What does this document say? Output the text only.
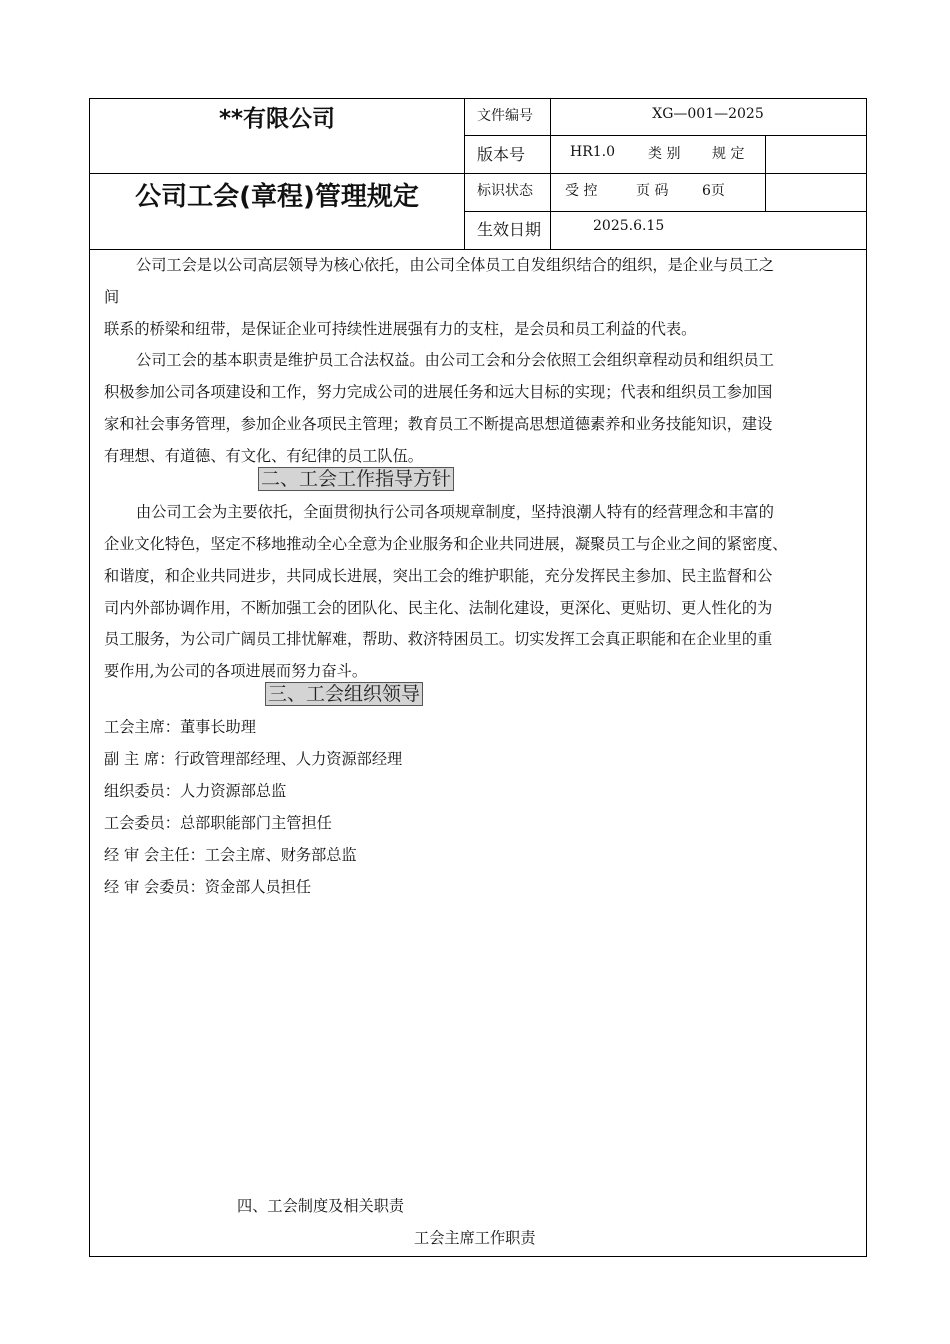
**有限公司
公司工会(章程)管理规定
文件编号	XG—001—2025
版本号	HR1.0 类 别 规 定
标识状态 受 控	页 码 6页
生效日期	2025.6.15
公司工会是以公司高层领导为核心依托，由公司全体员工自发组织结合的组织，是企业与员工之
间
联系的桥梁和纽带，是保证企业可持续性进展强有力的支柱，是会员和员工利益的代表。
公司工会的基本职责是维护员工合法权益。由公司工会和分会依照工会组织章程动员和组织员工
积极参加公司各项建设和工作，努力完成公司的进展任务和远大目标的实现；代表和组织员工参加国
家和社会事务管理，参加企业各项民主管理；教育员工不断提高思想道德素养和业务技能知识，建设
有理想、有道德、有文化、有纪律的员工队伍。
二、工会工作指导方针
由公司工会为主要依托，全面贯彻执行公司各项规章制度，坚持浪潮人特有的经营理念和丰富的
企业文化特色，坚定不移地推动全心全意为企业服务和企业共同进展，凝聚员工与企业之间的紧密度、
和谐度，和企业共同进步，共同成长进展，突出工会的维护职能，充分发挥民主参加、民主监督和公
司内外部协调作用，不断加强工会的团队化、民主化、法制化建设，更深化、更贴切、更人性化的为
员工服务，为公司广阔员工排忧解难，帮助、救济特困员工。切实发挥工会真正职能和在企业里的重
要作用,为公司的各项进展而努力奋斗。
三、工会组织领导
工会主席：董事长助理
副 主 席：行政管理部经理、人力资源部经理
组织委员：人力资源部总监
工会委员：总部职能部门主管担任
经 审 会主任：工会主席、财务部总监
经 审 会委员：资金部人员担任
四、工会制度及相关职责
工会主席工作职责
